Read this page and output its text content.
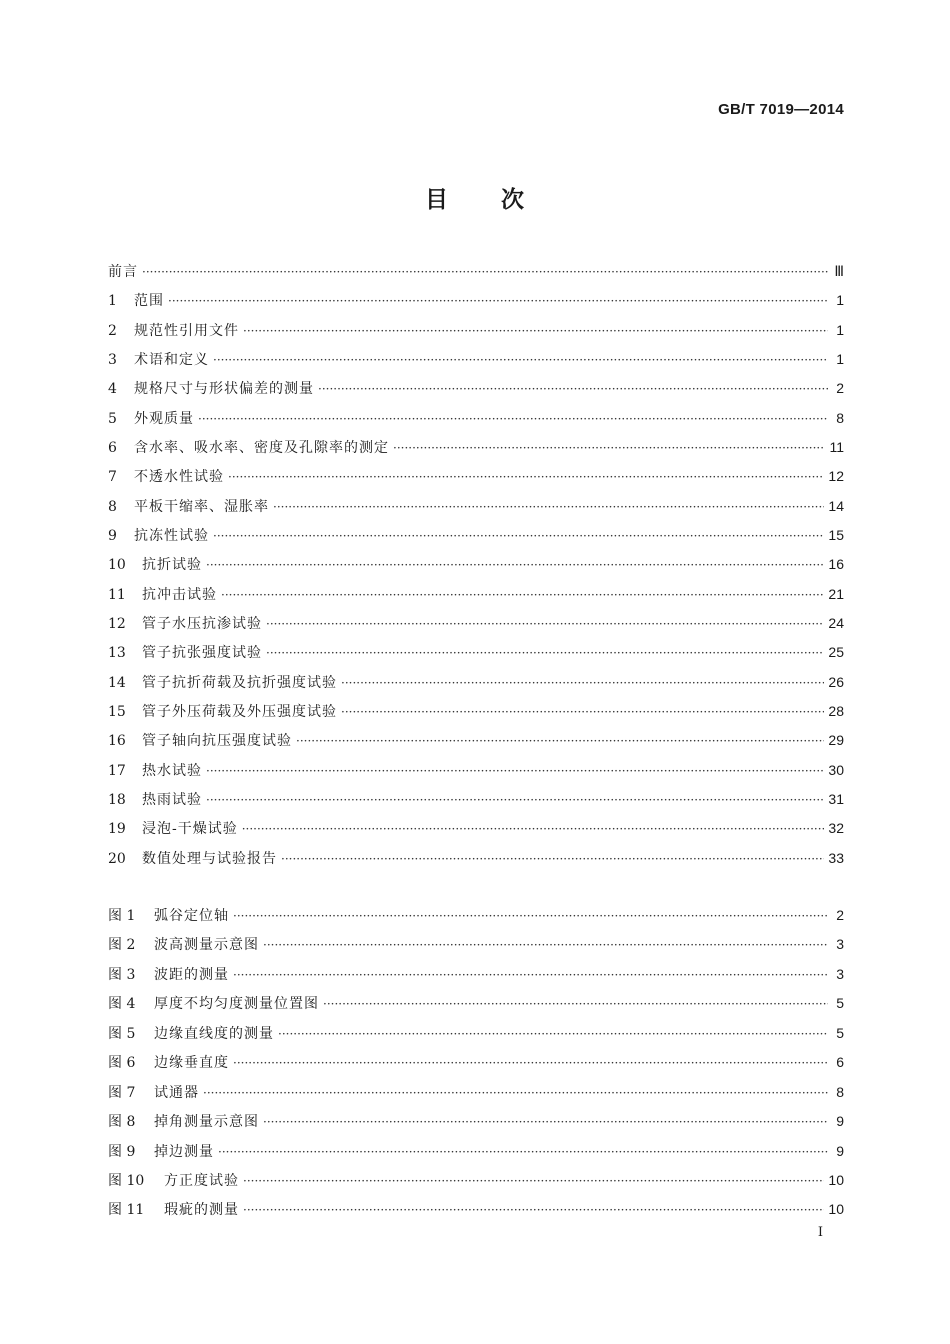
GB/T 7019—2014
目 次
前言 ·····	Ⅲ
1	范围 ·····	1
2	规范性引用文件 ·····	1
3	术语和定义 ·····	1
4	规格尺寸与形状偏差的测量 ·····	2
5	外观质量 ·····	8
6	含水率、吸水率、密度及孔隙率的测定 ·····	11
7	不透水性试验 ·····	12
8	平板干缩率、湿胀率 ·····	14
9	抗冻性试验 ·····	15
10	抗折试验 ·····	16
11	抗冲击试验 ·····	21
12	管子水压抗渗试验 ·····	24
13	管子抗张强度试验 ·····	25
14	管子抗折荷载及抗折强度试验 ·····	26
15	管子外压荷载及外压强度试验 ·····	28
16	管子轴向抗压强度试验 ·····	29
17	热水试验 ·····	30
18	热雨试验 ·····	31
19	浸泡-干燥试验 ·····	32
20	数值处理与试验报告 ·····	33
图 1	弧谷定位轴 ·····	2
图 2	波高测量示意图 ·····	3
图 3	波距的测量 ·····	3
图 4	厚度不均匀度测量位置图 ·····	5
图 5	边缘直线度的测量 ·····	5
图 6	边缘垂直度 ·····	6
图 7	试通器 ·····	8
图 8	掉角测量示意图 ·····	9
图 9	掉边测量 ·····	9
图 10	方正度试验 ·····	10
图 11	瑕疵的测量 ·····	10
I
